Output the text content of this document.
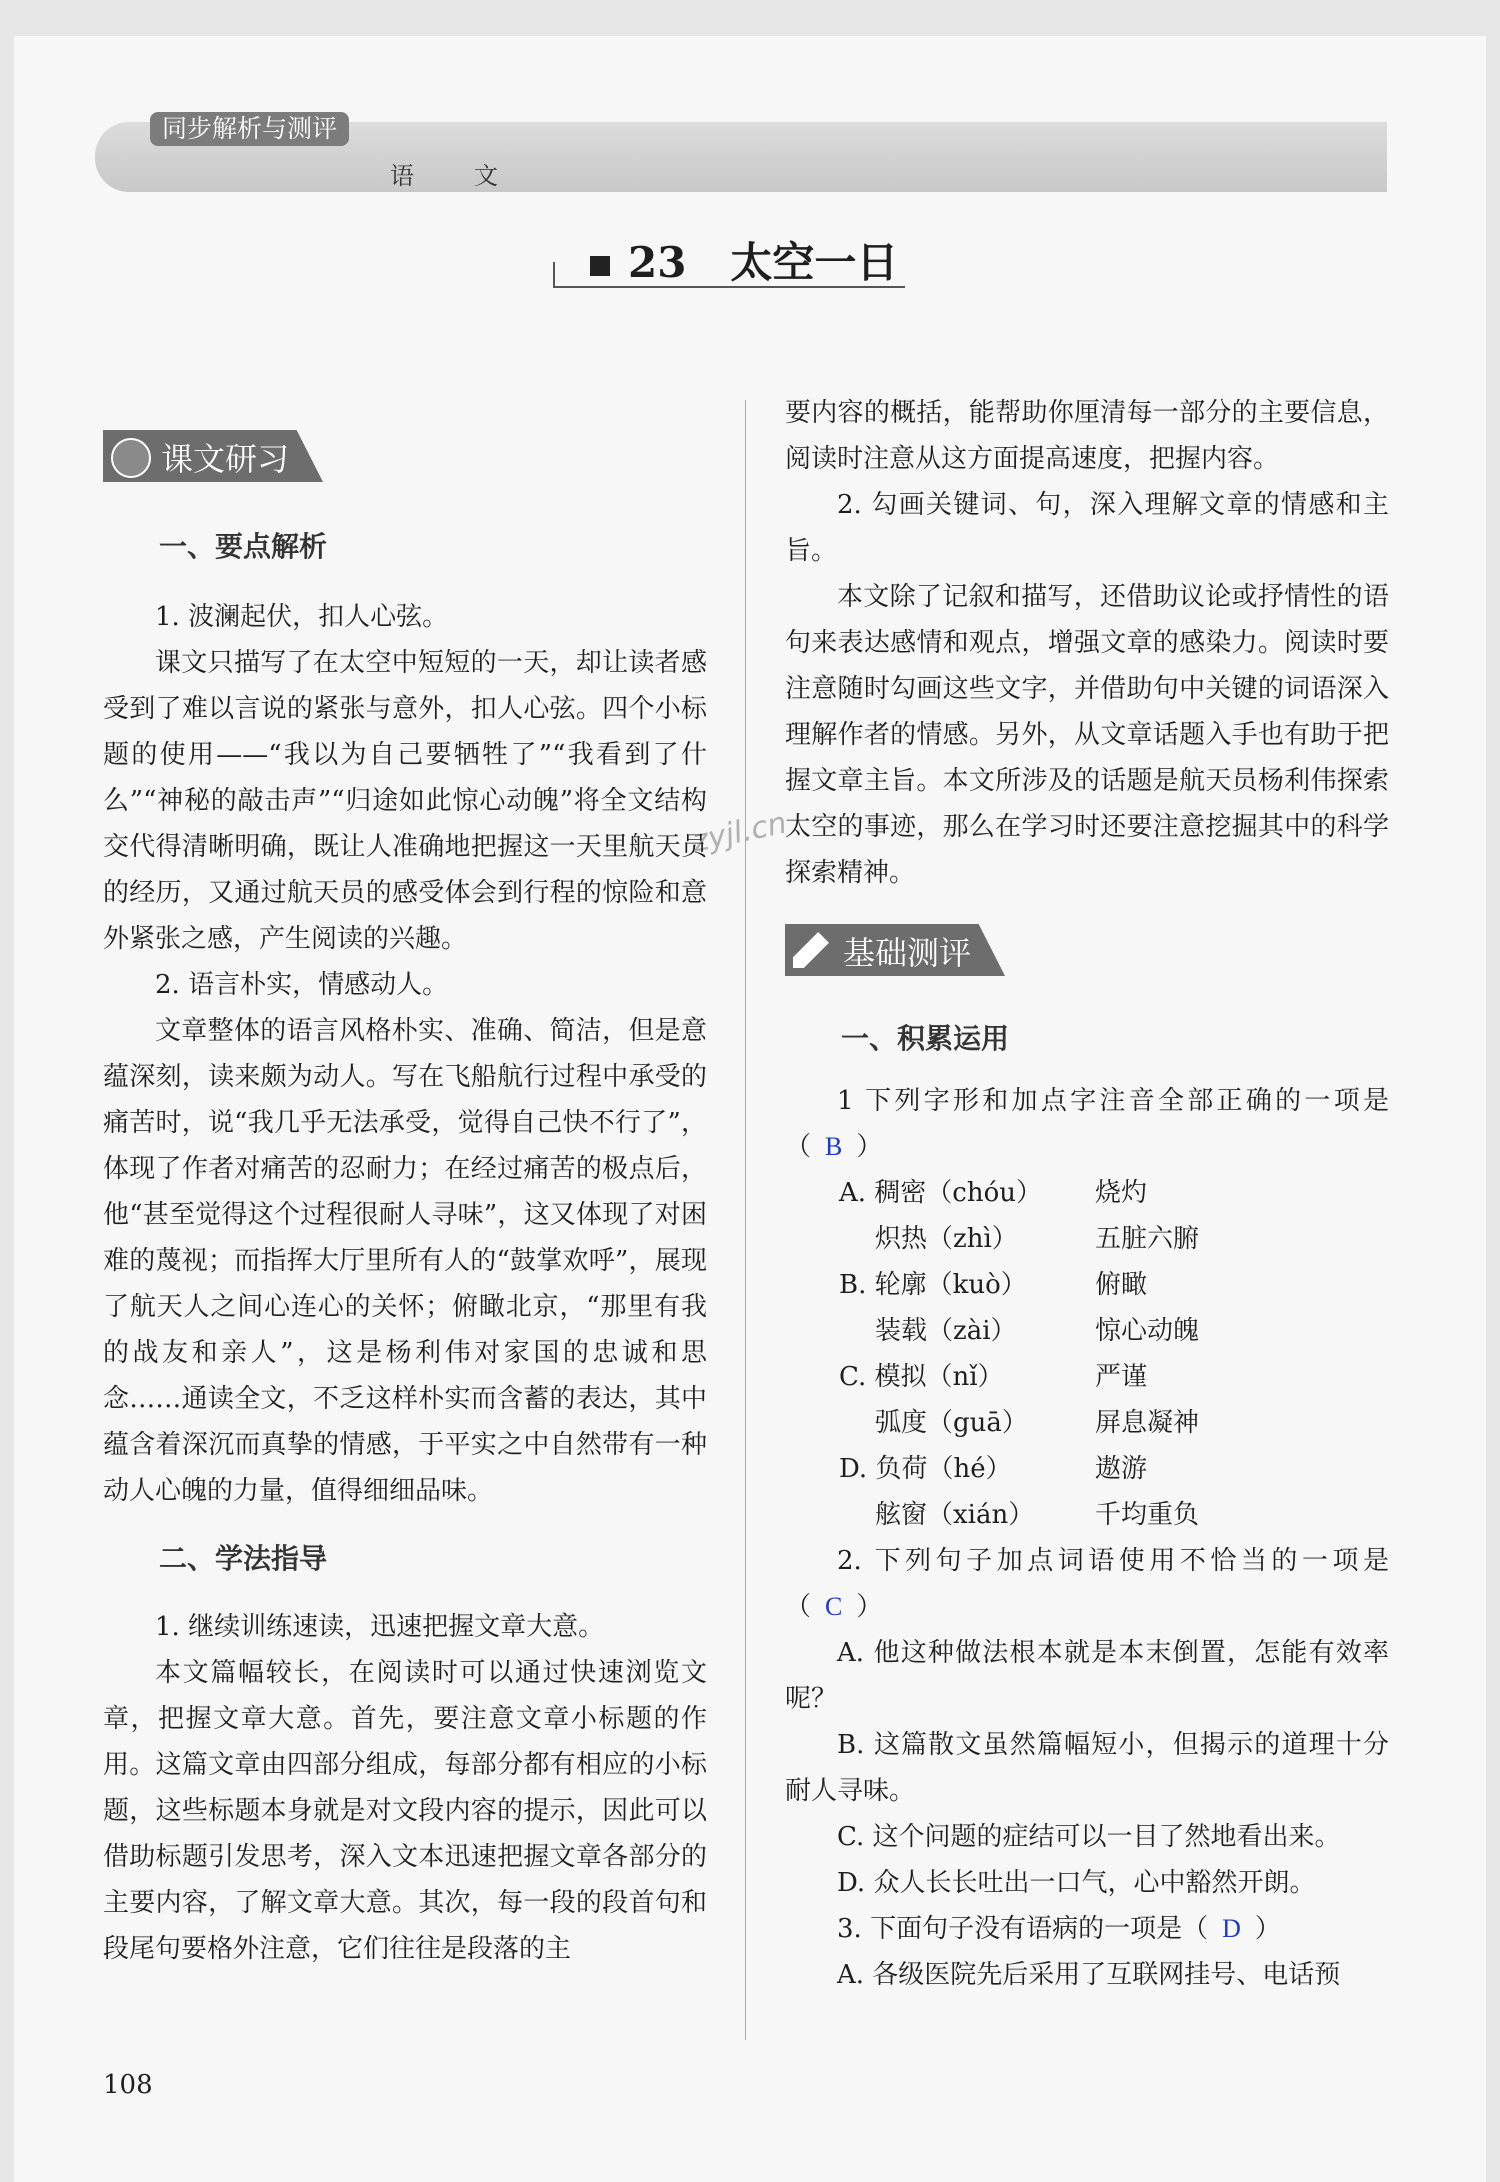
同步解析与测评
语　文
23 太空一日
zyjl.cn
课文研习

一、要点解析

1. 波澜起伏，扣人心弦。

课文只描写了在太空中短短的一天，却让读者感受到了难以言说的紧张与意外，扣人心弦。四个小标题的使用——“我以为自己要牺牲了”“我看到了什么”“神秘的敲击声”“归途如此惊心动魄”将全文结构交代得清晰明确，既让人准确地把握这一天里航天员的经历，又通过航天员的感受体会到行程的惊险和意外紧张之感，产生阅读的兴趣。

2. 语言朴实，情感动人。

文章整体的语言风格朴实、准确、简洁，但是意蕴深刻，读来颇为动人。写在飞船航行过程中承受的痛苦时，说“我几乎无法承受，觉得自己快不行了”，体现了作者对痛苦的忍耐力；在经过痛苦的极点后，他“甚至觉得这个过程很耐人寻味”，这又体现了对困难的蔑视；而指挥大厅里所有人的“鼓掌欢呼”，展现了航天人之间心连心的关怀；俯瞰北京，“那里有我的战友和亲人”，这是杨利伟对家国的忠诚和思念……通读全文，不乏这样朴实而含蓄的表达，其中蕴含着深沉而真挚的情感，于平实之中自然带有一种动人心魄的力量，值得细细品味。

二、学法指导

1. 继续训练速读，迅速把握文章大意。

本文篇幅较长，在阅读时可以通过快速浏览文章，把握文章大意。首先，要注意文章小标题的作用。这篇文章由四部分组成，每部分都有相应的小标题，这些标题本身就是对文段内容的提示，因此可以借助标题引发思考，深入文本迅速把握文章各部分的主要内容，了解文章大意。其次，每一段的段首句和段尾句要格外注意，它们往往是段落的主

要内容的概括，能帮助你厘清每一部分的主要信息，阅读时注意从这方面提高速度，把握内容。

2. 勾画关键词、句，深入理解文章的情感和主旨。

本文除了记叙和描写，还借助议论或抒情性的语句来表达感情和观点，增强文章的感染力。阅读时要注意随时勾画这些文字，并借助句中关键的词语深入理解作者的情感。另外，从文章话题入手也有助于把握文章主旨。本文所涉及的话题是航天员杨利伟探索太空的事迹，那么在学习时还要注意挖掘其中的科学探索精神。

基础测评

一、积累运用

1 下列字形和加点字注音全部正确的一项是（ B ）

A. 稠密（chóu）	烧灼
炽热（zhì）	五脏六腑
B. 轮廓（kuò）	俯瞰
装载（zài）	惊心动魄
C. 模拟（nǐ）	严谨
弧度（guā）	屏息凝神
D. 负荷（hé）	遨游
舷窗（xián）	千均重负

2. 下列句子加点词语使用不恰当的一项是（ C ）

A. 他这种做法根本就是本末倒置，怎能有效率呢？

B. 这篇散文虽然篇幅短小，但揭示的道理十分耐人寻味。

C. 这个问题的症结可以一目了然地看出来。

D. 众人长长吐出一口气，心中豁然开朗。

3. 下面句子没有语病的一项是（ D ）

A. 各级医院先后采用了互联网挂号、电话预

108
